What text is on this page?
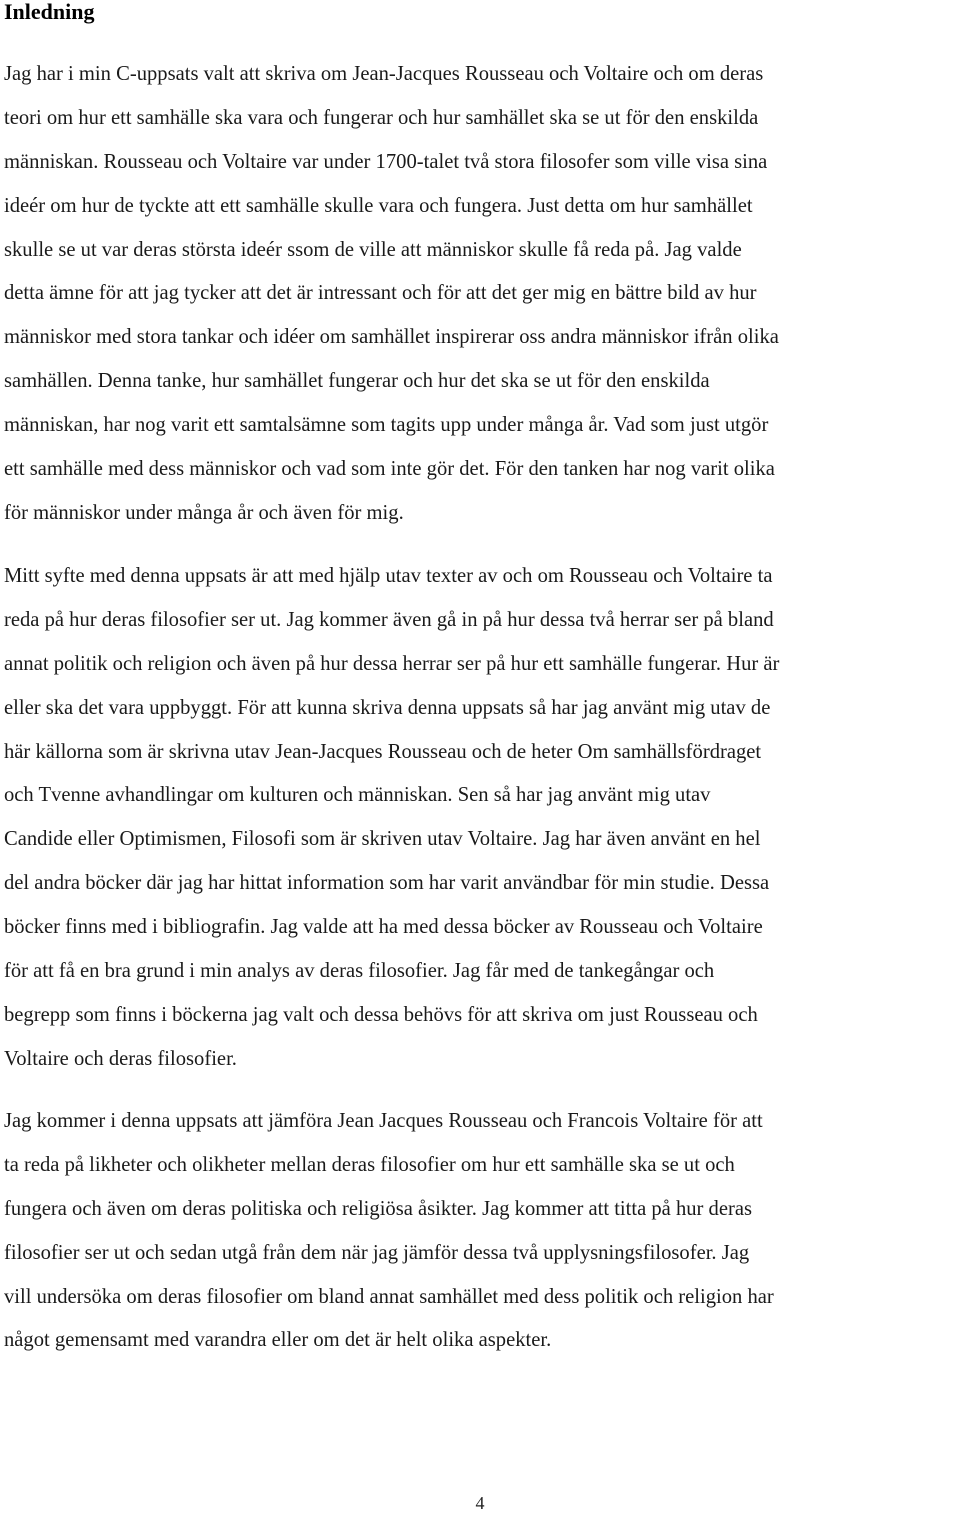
Inledning

Jag har i min C-uppsats valt att skriva om Jean-Jacques Rousseau och Voltaire och om deras
teori om hur ett samhälle ska vara och fungerar och hur samhället ska se ut för den enskilda
människan. Rousseau och Voltaire var under 1700-talet två stora filosofer som ville visa sina
ideér om hur de tyckte att ett samhälle skulle vara och fungera. Just detta om hur samhället
skulle se ut var deras största ideér ssom de ville att människor skulle få reda på. Jag valde
detta ämne för att jag tycker att det är intressant och för att det ger mig en bättre bild av hur
människor med stora tankar och idéer om samhället inspirerar oss andra människor ifrån olika
samhällen. Denna tanke, hur samhället fungerar och hur det ska se ut för den enskilda
människan, har nog varit ett samtalsämne som tagits upp under många år. Vad som just utgör
ett samhälle med dess människor och vad som inte gör det. För den tanken har nog varit olika
för människor under många år och även för mig.

Mitt syfte med denna uppsats är att med hjälp utav texter av och om Rousseau och Voltaire ta
reda på hur deras filosofier ser ut. Jag kommer även gå in på hur dessa två herrar ser på bland
annat politik och religion och även på hur dessa herrar ser på hur ett samhälle fungerar. Hur är
eller ska det vara uppbyggt. För att kunna skriva denna uppsats så har jag använt mig utav de
här källorna som är skrivna utav Jean-Jacques Rousseau och de heter Om samhällsfördraget
och Tvenne avhandlingar om kulturen och människan. Sen så har jag använt mig utav
Candide eller Optimismen, Filosofi som är skriven utav Voltaire. Jag har även använt en hel
del andra böcker där jag har hittat information som har varit användbar för min studie. Dessa
böcker finns med i bibliografin. Jag valde att ha med dessa böcker av Rousseau och Voltaire
för att få en bra grund i min analys av deras filosofier. Jag får med de tankegångar och
begrepp som finns i böckerna jag valt och dessa behövs för att skriva om just Rousseau och
Voltaire och deras filosofier.

Jag kommer i denna uppsats att jämföra Jean Jacques Rousseau och Francois Voltaire för att
ta reda på likheter och olikheter mellan deras filosofier om hur ett samhälle ska se ut och
fungera och även om deras politiska och religiösa åsikter. Jag kommer att titta på hur deras
filosofier ser ut och sedan utgå från dem när jag jämför dessa två upplysningsfilosofer. Jag
vill undersöka om deras filosofier om bland annat samhället med dess politik och religion har
något gemensamt med varandra eller om det är helt olika aspekter.

4
